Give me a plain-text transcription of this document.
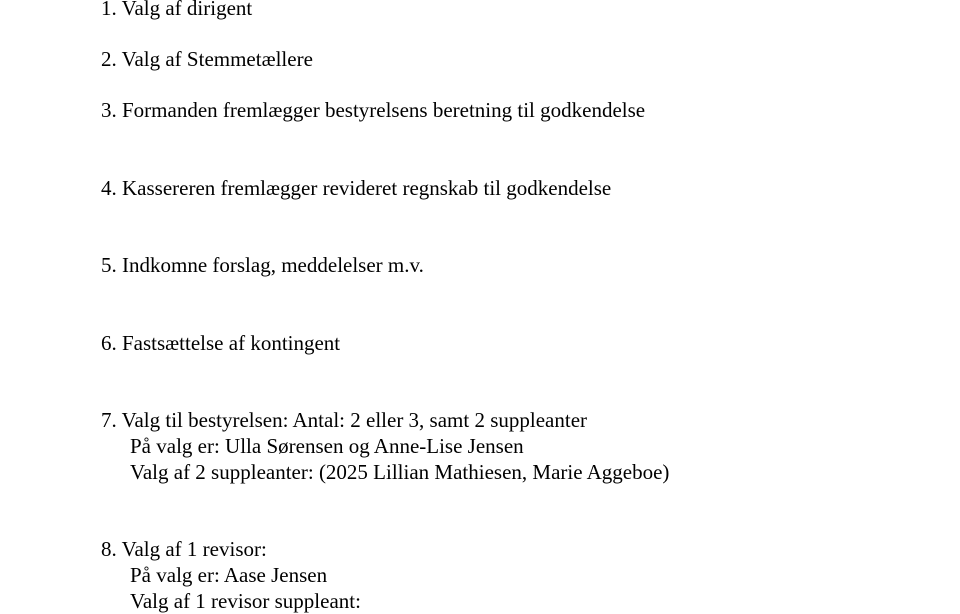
1. Valg af dirigent
2. Valg af Stemmetællere
3. Formanden fremlægger bestyrelsens beretning til godkendelse
4. Kassereren fremlægger revideret regnskab til godkendelse
5. Indkomne forslag, meddelelser m.v.
6. Fastsættelse af kontingent
7. Valg til bestyrelsen: Antal: 2 eller 3, samt 2 suppleanter
På valg er: Ulla Sørensen og Anne-Lise Jensen
Valg af 2 suppleanter: (2025 Lillian Mathiesen, Marie Aggeboe)
8. Valg af 1 revisor:
På valg er: Aase Jensen
Valg af 1 revisor suppleant:
